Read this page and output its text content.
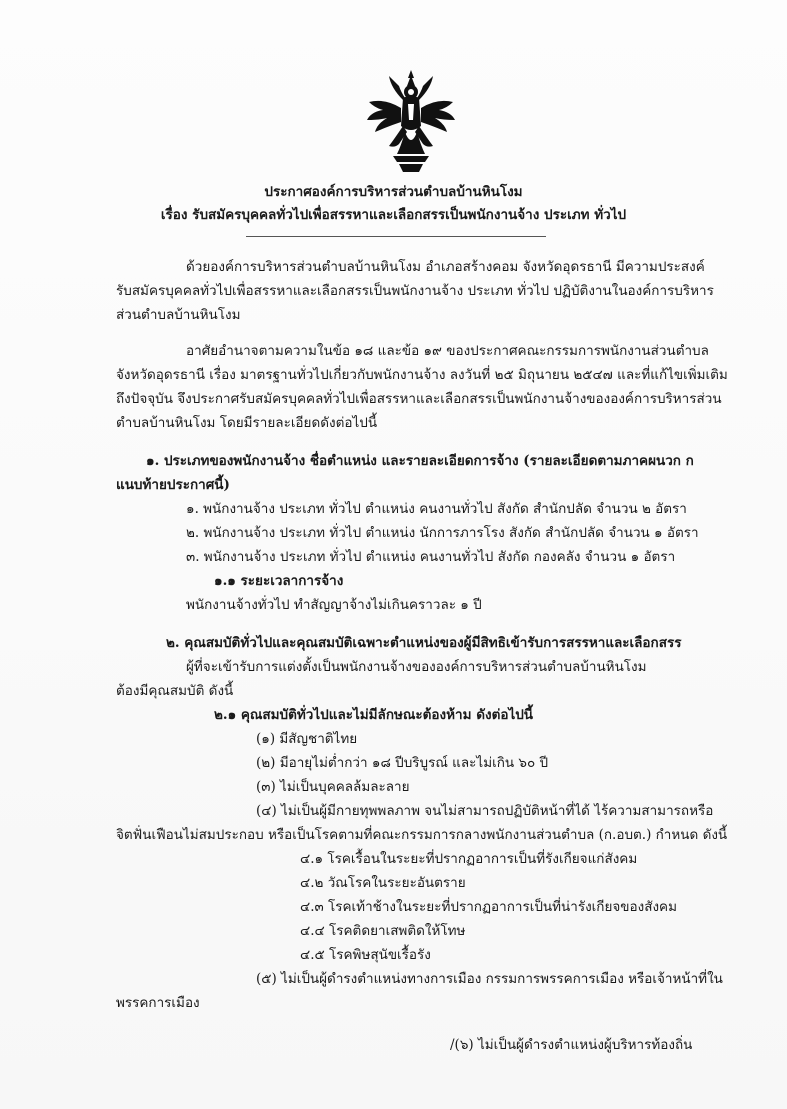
ประกาศองค์การบริหารส่วนตำบลบ้านหินโงม
เรื่อง รับสมัครบุคคลทั่วไปเพื่อสรรหาและเลือกสรรเป็นพนักงานจ้าง ประเภท ทั่วไป
ด้วยองค์การบริหารส่วนตำบลบ้านหินโงม อำเภอสร้างคอม จังหวัดอุดรธานี มีความประสงค์
รับสมัครบุคคลทั่วไปเพื่อสรรหาและเลือกสรรเป็นพนักงานจ้าง ประเภท ทั่วไป ปฏิบัติงานในองค์การบริหาร
ส่วนตำบลบ้านหินโงม
อาศัยอำนาจตามความในข้อ ๑๘ และข้อ ๑๙ ของประกาศคณะกรรมการพนักงานส่วนตำบล
จังหวัดอุดรธานี เรื่อง มาตรฐานทั่วไปเกี่ยวกับพนักงานจ้าง ลงวันที่ ๒๕ มิถุนายน ๒๕๔๗ และที่แก้ไขเพิ่มเติม
ถึงปัจจุบัน จึงประกาศรับสมัครบุคคลทั่วไปเพื่อสรรหาและเลือกสรรเป็นพนักงานจ้างขององค์การบริหารส่วน
ตำบลบ้านหินโงม โดยมีรายละเอียดดังต่อไปนี้
๑. ประเภทของพนักงานจ้าง ชื่อตำแหน่ง และรายละเอียดการจ้าง (รายละเอียดตามภาคผนวก ก
แนบท้ายประกาศนี้)
๑. พนักงานจ้าง ประเภท ทั่วไป ตำแหน่ง คนงานทั่วไป สังกัด สำนักปลัด จำนวน ๒ อัตรา
๒. พนักงานจ้าง ประเภท ทั่วไป ตำแหน่ง นักการภารโรง สังกัด สำนักปลัด จำนวน ๑ อัตรา
๓. พนักงานจ้าง ประเภท ทั่วไป ตำแหน่ง คนงานทั่วไป สังกัด กองคลัง จำนวน ๑ อัตรา
๑.๑ ระยะเวลาการจ้าง
พนักงานจ้างทั่วไป ทำสัญญาจ้างไม่เกินคราวละ ๑ ปี
๒. คุณสมบัติทั่วไปและคุณสมบัติเฉพาะตำแหน่งของผู้มีสิทธิเข้ารับการสรรหาและเลือกสรร
ผู้ที่จะเข้ารับการแต่งตั้งเป็นพนักงานจ้างขององค์การบริหารส่วนตำบลบ้านหินโงม
ต้องมีคุณสมบัติ ดังนี้
๒.๑ คุณสมบัติทั่วไปและไม่มีลักษณะต้องห้าม ดังต่อไปนี้
(๑) มีสัญชาติไทย
(๒) มีอายุไม่ต่ำกว่า ๑๘ ปีบริบูรณ์ และไม่เกิน ๖๐ ปี
(๓) ไม่เป็นบุคคลล้มละลาย
(๔) ไม่เป็นผู้มีกายทุพพลภาพ จนไม่สามารถปฏิบัติหน้าที่ได้ ไร้ความสามารถหรือ
จิตฟั่นเฟือนไม่สมประกอบ หรือเป็นโรคตามที่คณะกรรมการกลางพนักงานส่วนตำบล (ก.อบต.) กำหนด ดังนี้
๔.๑ โรคเรื้อนในระยะที่ปรากฏอาการเป็นที่รังเกียจแก่สังคม
๔.๒ วัณโรคในระยะอันตราย
๔.๓ โรคเท้าช้างในระยะที่ปรากฏอาการเป็นที่น่ารังเกียจของสังคม
๔.๔ โรคติดยาเสพติดให้โทษ
๔.๕ โรคพิษสุนัขเรื้อรัง
(๕) ไม่เป็นผู้ดำรงตำแหน่งทางการเมือง กรรมการพรรคการเมือง หรือเจ้าหน้าที่ใน
พรรคการเมือง
/(๖) ไม่เป็นผู้ดำรงตำแหน่งผู้บริหารท้องถิ่น
